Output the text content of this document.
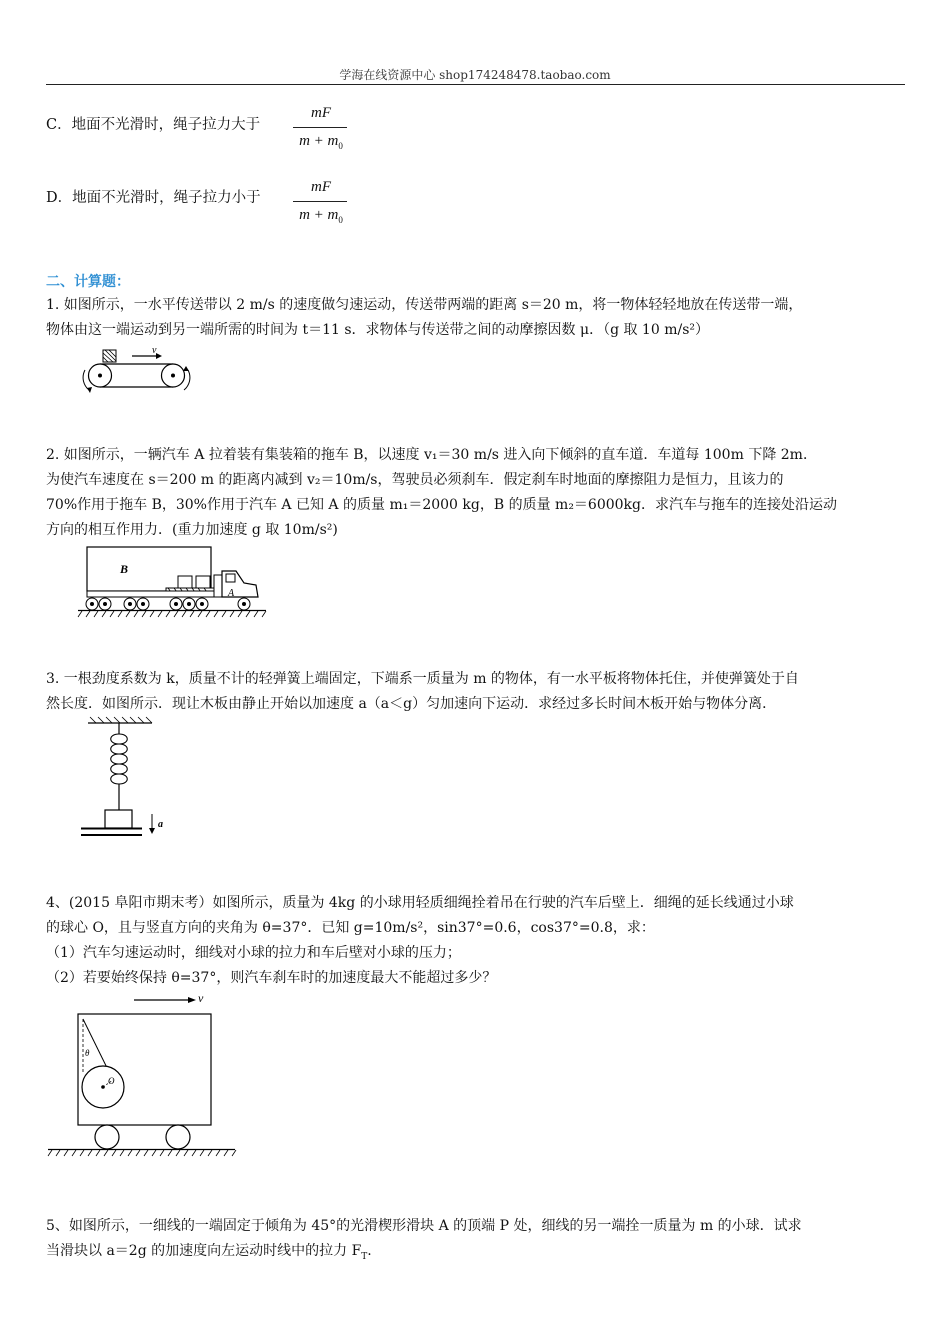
学海在线资源中心 shop174248478.taobao.com
C．地面不光滑时，绳子拉力大于
mF
$m + m_0$
D．地面不光滑时，绳子拉力小于
mF
$m + m_0$
二、计算题：
1. 如图所示，一水平传送带以 2 m/s 的速度做匀速运动，传送带两端的距离 s＝20 m，将一物体轻轻地放在传送带一端，
物体由这一端运动到另一端所需的时间为 t＝11 s．求物体与传送带之间的动摩擦因数 μ．（g 取 10 m/s²）
v
2. 如图所示，一辆汽车 A 拉着装有集装箱的拖车 B，以速度 v₁＝30 m/s 进入向下倾斜的直车道．车道每 100m 下降 2m．
为使汽车速度在 s＝200 m 的距离内减到 v₂＝10m/s，驾驶员必须刹车．假定刹车时地面的摩擦阻力是恒力，且该力的
70%作用于拖车 B，30%作用于汽车 A 已知 A 的质量 m₁＝2000 kg，B 的质量 m₂＝6000kg．求汽车与拖车的连接处沿运动
方向的相互作用力．(重力加速度 g 取 10m/s²)
B
A
3. 一根劲度系数为 k，质量不计的轻弹簧上端固定，下端系一质量为 m 的物体，有一水平板将物体托住，并使弹簧处于自
然长度．如图所示．现让木板由静止开始以加速度 a（a＜g）匀加速向下运动．求经过多长时间木板开始与物体分离．
a
4、(2015 阜阳市期末考）如图所示，质量为 4kg 的小球用轻质细绳拴着吊在行驶的汽车后壁上．细绳的延长线通过小球
的球心 O，且与竖直方向的夹角为 θ=37°．已知 g=10m/s²，sin37°=0.6，cos37°=0.8，求：
（1）汽车匀速运动时，细线对小球的拉力和车后壁对小球的压力；
（2）若要始终保持 θ=37°，则汽车刹车时的加速度最大不能超过多少？
v
θ
O
5、如图所示，一细线的一端固定于倾角为 45°的光滑楔形滑块 A 的顶端 P 处，细线的另一端拴一质量为 m 的小球．试求
当滑块以 a＝2g 的加速度向左运动时线中的拉力 $F_T$.
